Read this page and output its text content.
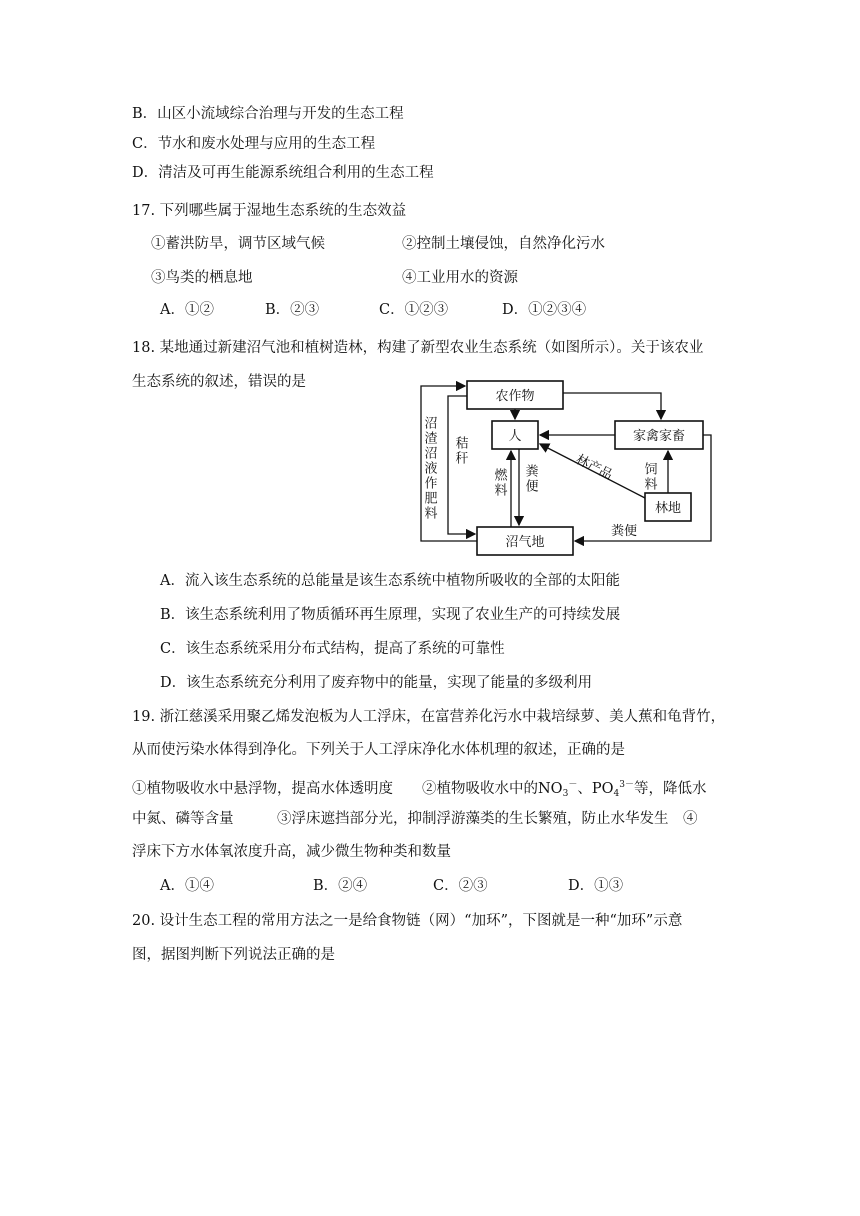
B．山区小流域综合治理与开发的生态工程
C．节水和废水处理与应用的生态工程
D．清洁及可再生能源系统组合利用的生态工程
17. 下列哪些属于湿地生态系统的生态效益
①蓄洪防旱，调节区域气候	②控制土壤侵蚀，自然净化污水
③鸟类的栖息地	④工业用水的资源
A．①②	B．②③	C．①②③	D．①②③④
18. 某地通过新建沼气池和植树造林，构建了新型农业生态系统（如图所示）。关于该农业
生态系统的叙述，错误的是
农作物
人	家禽家畜
林地
沼气地
沼渣沼液作肥料 秸秆
燃料 粪便	林产品 饲料
粪便
A．流入该生态系统的总能量是该生态系统中植物所吸收的全部的太阳能
B．该生态系统利用了物质循环再生原理，实现了农业生产的可持续发展
C．该生态系统采用分布式结构，提高了系统的可靠性
D．该生态系统充分利用了废弃物中的能量，实现了能量的多级利用
19. 浙江慈溪采用聚乙烯发泡板为人工浮床，在富营养化污水中栽培绿萝、美人蕉和龟背竹，
从而使污染水体得到净化。下列关于人工浮床净化水体机理的叙述，正确的是
①植物吸收水中悬浮物，提高水体透明度　　②植物吸收水中的$NO_3^-$、$PO_4^{3-}$等，降低水
中氮、磷等含量　　　③浮床遮挡部分光，抑制浮游藻类的生长繁殖，防止水华发生　④
浮床下方水体氧浓度升高，减少微生物种类和数量
A．①④	B．②④	C．②③	D．①③
20. 设计生态工程的常用方法之一是给食物链（网）“加环”，下图就是一种“加环”示意
图，据图判断下列说法正确的是
